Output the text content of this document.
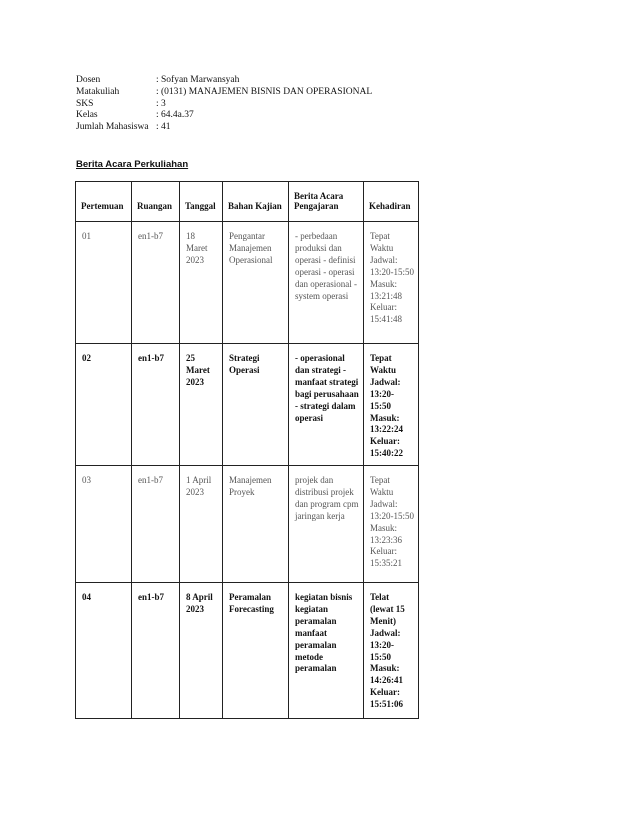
Dosen	: Sofyan Marwansyah
Matakuliah	: (0131) MANAJEMEN BISNIS DAN OPERASIONAL
SKS	: 3
Kelas	: 64.4a.37
Jumlah Mahasiswa : 41
Berita Acara Perkuliahan
Pertemuan	Ruangan	Tanggal	Bahan Kajian	Berita Acara Pengajaran	Kehadiran
01	en1-b7	18 Maret 2023	Pengantar Manajemen Operasional	- perbedaan produksi dan operasi - definisi operasi - operasi dan operasional - system operasi	Tepat Waktu Jadwal: 13:20-15:50 Masuk: 13:21:48 Keluar: 15:41:48
02	en1-b7	25 Maret 2023	Strategi Operasi	- operasional dan strategi - manfaat strategi bagi perusahaan - strategi dalam operasi	Tepat Waktu Jadwal: 13:20-15:50 Masuk: 13:22:24 Keluar: 15:40:22
03	en1-b7	1 April 2023	Manajemen Proyek	projek dan distribusi projek dan program cpm jaringan kerja	Tepat Waktu Jadwal: 13:20-15:50 Masuk: 13:23:36 Keluar: 15:35:21
04	en1-b7	8 April 2023	Peramalan Forecasting	kegiatan bisnis kegiatan peramalan manfaat peramalan metode peramalan	Telat (lewat 15 Menit) Jadwal: 13:20-15:50 Masuk: 14:26:41 Keluar: 15:51:06
